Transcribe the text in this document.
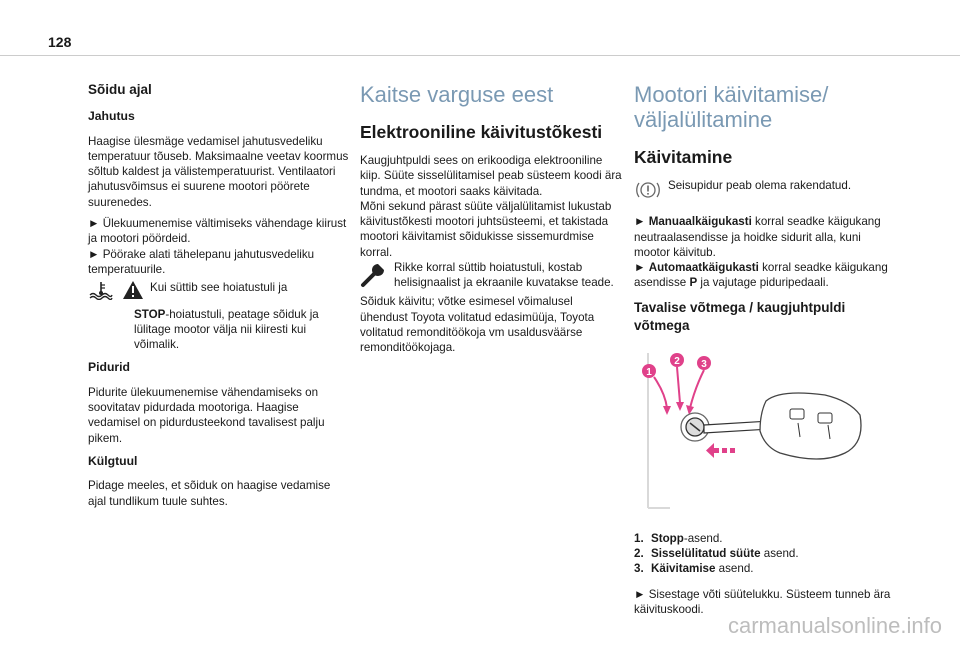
128
Sõidu ajal
Jahutus

Haagise ülesmäge vedamisel jahutusvedeliku temperatuur tõuseb. Maksimaalne veetav koormus sõltub kaldest ja välistemperatuurist. Ventilaatori jahutusvõimsus ei suurene mootori pöörete suurenedes.

► Ülekuumenemise vältimiseks vähendage kiirust ja mootori pöördeid.

► Pöörake alati tähelepanu jahutusvedeliku temperatuurile.

Kui süttib see hoiatustuli ja

STOP-hoiatustuli, peatage sõiduk ja lülitage mootor välja nii kiiresti kui võimalik.

Pidurid

Pidurite ülekuumenemise vähendamiseks on soovitatav pidurdada mootoriga. Haagise vedamisel on pidurdusteekond tavalisest palju pikem.

Külgtuul

Pidage meeles, et sõiduk on haagise vedamise ajal tundlikum tuule suhtes.

Kaitse varguse eest
Elektrooniline käivitustõkesti

Kaugjuhtpuldi sees on erikoodiga elektrooniline kiip. Süüte sisselülitamisel peab süsteem koodi ära tundma, et mootori saaks käivitada.

Mõni sekund pärast süüte väljalülitamist lukustab käivitustõkesti mootori juhtsüsteemi, et takistada mootori käivitamist sõidukisse sissemurdmise korral.

Rikke korral süttib hoiatustuli, kostab helisignaalist ja ekraanile kuvatakse teade.

Sõiduk käivitu; võtke esimesel võimalusel ühendust Toyota volitatud edasimüüja, Toyota volitatud remonditöökoja vm usaldusväärse remonditöökojaga.

Mootori käivitamise/ väljalülitamine
Käivitamine
Seisupidur peab olema rakendatud.

► Manuaalkäigukasti korral seadke käigukang neutraalasendisse ja hoidke sidurit alla, kuni mootor käivitub.

► Automaatkäigukasti korral seadke käigukang asendisse P ja vajutage piduripedaali.

Tavalise võtmega / kaugjuhtpuldi võtmega
1
2 3
1. Stopp-asend.
2. Sisselülitatud süüte asend.
3. Käivitamise asend.

► Sisestage võti süütelukku. Süsteem tunneb ära käivituskoodi.

carmanualsonline.info
